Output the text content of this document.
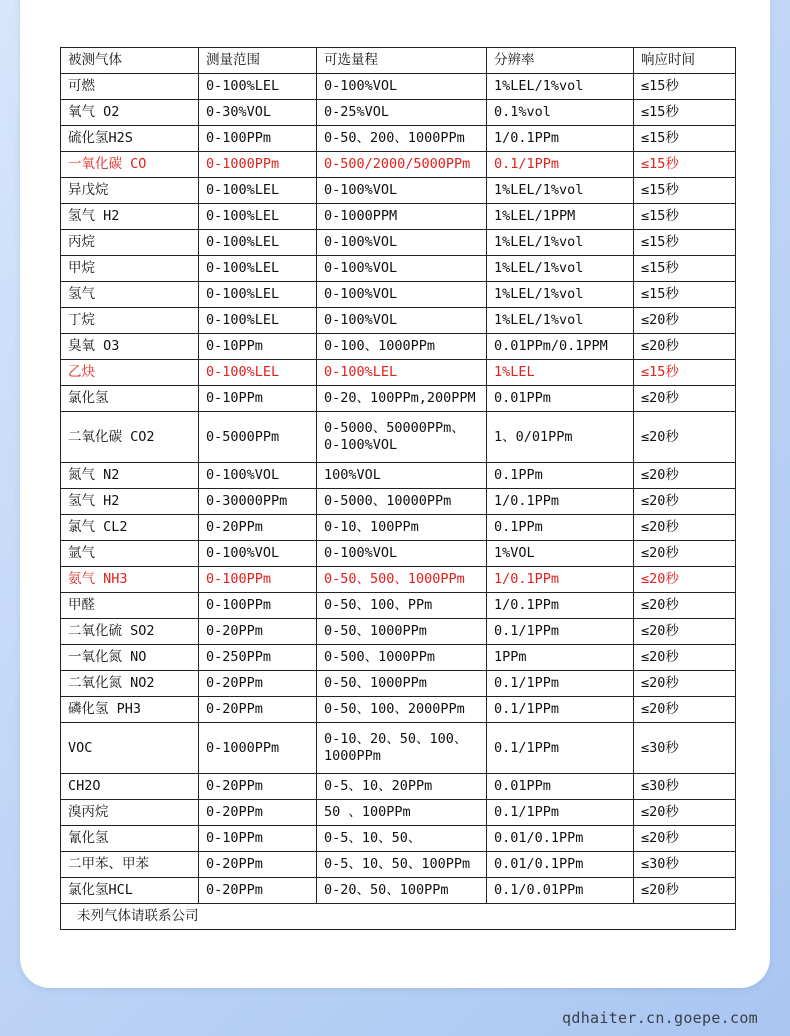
被测气体	测量范围	可选量程	分辨率	响应时间
可燃	0-100%LEL	0-100%VOL	1%LEL/1%vol	≤15秒
氧气 O2	0-30%VOL	0-25%VOL	0.1%vol	≤15秒
硫化氢H2S	0-100PPm	0-50、200、1000PPm	1/0.1PPm	≤15秒
一氧化碳 CO	0-1000PPm	0-500/2000/5000PPm	0.1/1PPm	≤15秒
异戊烷	0-100%LEL	0-100%VOL	1%LEL/1%vol	≤15秒
氢气 H2	0-100%LEL	0-1000PPM	1%LEL/1PPM	≤15秒
丙烷	0-100%LEL	0-100%VOL	1%LEL/1%vol	≤15秒
甲烷	0-100%LEL	0-100%VOL	1%LEL/1%vol	≤15秒
氢气	0-100%LEL	0-100%VOL	1%LEL/1%vol	≤15秒
丁烷	0-100%LEL	0-100%VOL	1%LEL/1%vol	≤20秒
臭氧 O3	0-10PPm	0-100、1000PPm	0.01PPm/0.1PPM	≤20秒
乙炔	0-100%LEL	0-100%LEL	1%LEL	≤15秒
氯化氢	0-10PPm	0-20、100PPm,200PPM	0.01PPm	≤20秒
二氧化碳 CO2	0-5000PPm	0-5000、50000PPm、0-100%VOL	1、0/01PPm	≤20秒
氮气 N2	0-100%VOL	100%VOL	0.1PPm	≤20秒
氢气 H2	0-30000PPm	0-5000、10000PPm	1/0.1PPm	≤20秒
氯气 CL2	0-20PPm	0-10、100PPm	0.1PPm	≤20秒
氩气	0-100%VOL	0-100%VOL	1%VOL	≤20秒
氨气 NH3	0-100PPm	0-50、500、1000PPm	1/0.1PPm	≤20秒
甲醛	0-100PPm	0-50、100、PPm	1/0.1PPm	≤20秒
二氧化硫 SO2	0-20PPm	0-50、1000PPm	0.1/1PPm	≤20秒
一氧化氮 NO	0-250PPm	0-500、1000PPm	1PPm	≤20秒
二氧化氮 NO2	0-20PPm	0-50、1000PPm	0.1/1PPm	≤20秒
磷化氢 PH3	0-20PPm	0-50、100、2000PPm	0.1/1PPm	≤20秒
VOC	0-1000PPm	0-10、20、50、100、1000PPm	0.1/1PPm	≤30秒
CH2O	0-20PPm	0-5、10、20PPm	0.01PPm	≤30秒
溴丙烷	0-20PPm	50 、100PPm	0.1/1PPm	≤20秒
氰化氢	0-10PPm	0-5、10、50、	0.01/0.1PPm	≤20秒
二甲苯、甲苯	0-20PPm	0-5、10、50、100PPm	0.01/0.1PPm	≤30秒
氯化氢HCL	0-20PPm	0-20、50、100PPm	0.1/0.01PPm	≤20秒
未列气体请联系公司				
qdhaiter.cn.goepe.com
